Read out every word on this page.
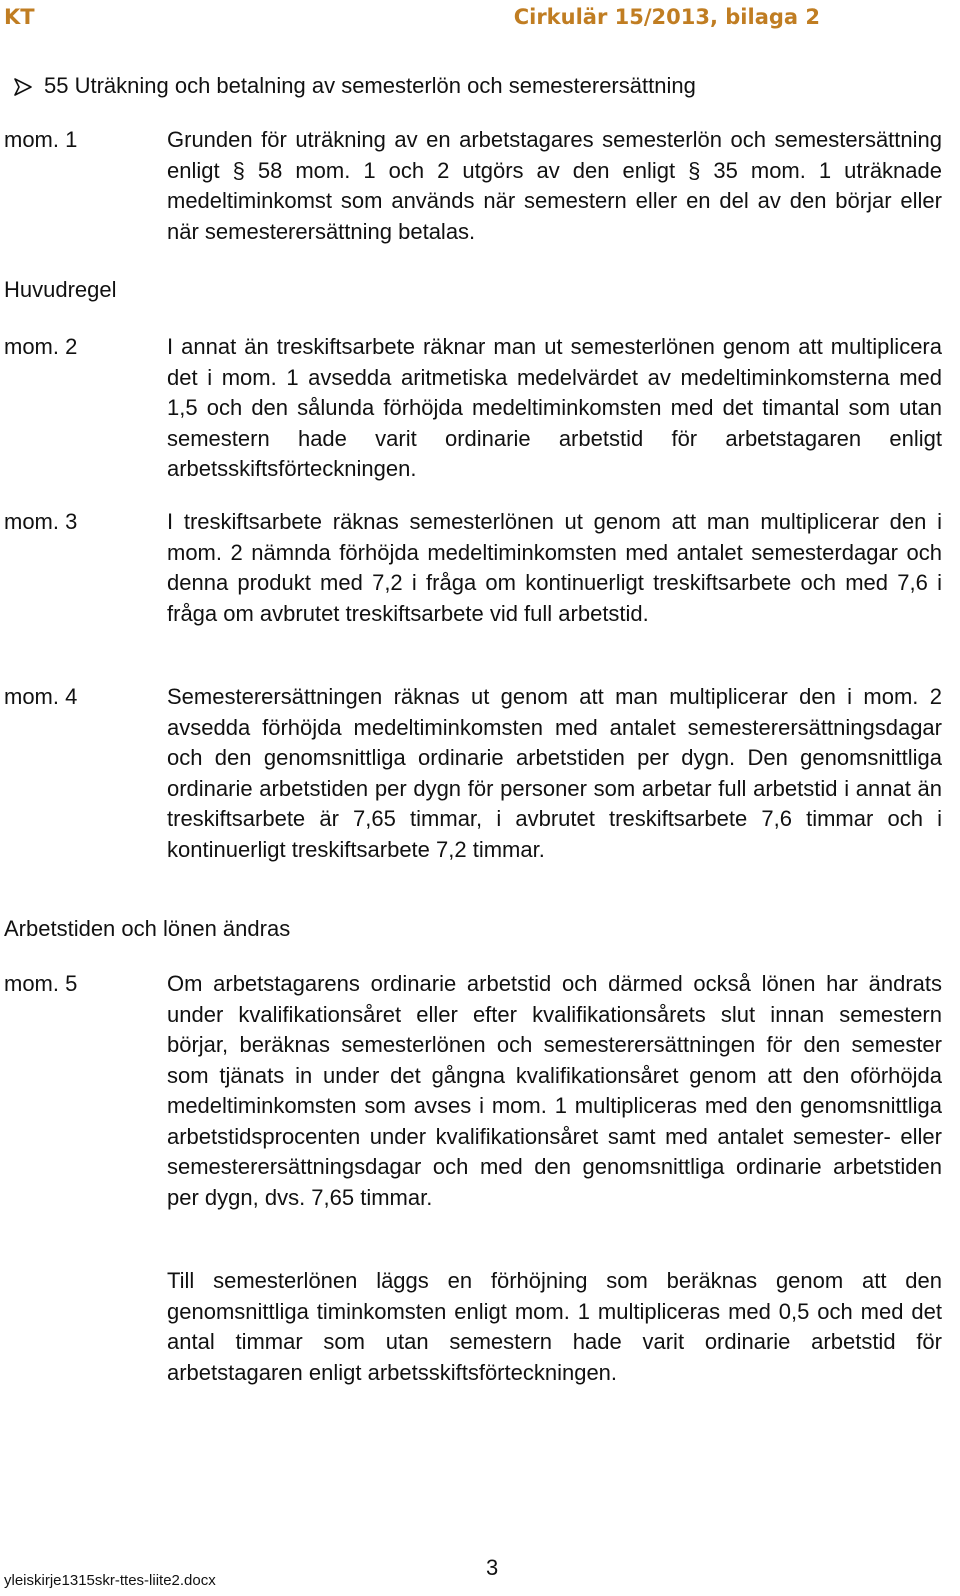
KT	Cirkulär 15/2013, bilaga 2
55 Uträkning och betalning av semesterlön och semesterersättning
mom. 1	Grunden för uträkning av en arbetstagares semesterlön och semestersättning enligt § 58 mom. 1 och 2 utgörs av den enligt § 35 mom. 1 uträknade medeltiminkomst som används när semestern eller en del av den börjar eller när semesterersättning betalas.
Huvudregel
mom. 2	I annat än treskiftsarbete räknar man ut semesterlönen genom att multiplicera det i mom. 1 avsedda aritmetiska medelvärdet av medeltiminkomsterna med 1,5 och den sålunda förhöjda medeltiminkomsten med det timantal som utan semestern hade varit ordinarie arbetstid för arbetstagaren enligt arbetsskiftsförteckningen.
mom. 3	I treskiftsarbete räknas semesterlönen ut genom att man multiplicerar den i mom. 2 nämnda förhöjda medeltiminkomsten med antalet semesterdagar och denna produkt med 7,2 i fråga om kontinuerligt treskiftsarbete och med 7,6 i fråga om avbrutet treskiftsarbete vid full arbetstid.
mom. 4	Semesterersättningen räknas ut genom att man multiplicerar den i mom. 2 avsedda förhöjda medeltiminkomsten med antalet semesterersättningsdagar och den genomsnittliga ordinarie arbetstiden per dygn. Den genomsnittliga ordinarie arbetstiden per dygn för personer som arbetar full arbetstid i annat än treskiftsarbete är 7,65 timmar, i avbrutet treskiftsarbete 7,6 timmar och i kontinuerligt treskiftsarbete 7,2 timmar.
Arbetstiden och lönen ändras
mom. 5	Om arbetstagarens ordinarie arbetstid och därmed också lönen har ändrats under kvalifikationsåret eller efter kvalifikationsårets slut innan semestern börjar, beräknas semesterlönen och semesterersättningen för den semester som tjänats in under det gångna kvalifikationsåret genom att den oförhöjda medeltiminkomsten som avses i mom. 1 multipliceras med den genomsnittliga arbetstidsprocenten under kvalifikationsåret samt med antalet semester- eller semesterersättningsdagar och med den genomsnittliga ordinarie arbetstiden per dygn, dvs. 7,65 timmar.
Till semesterlönen läggs en förhöjning som beräknas genom att den genomsnittliga timinkomsten enligt mom. 1 multipliceras med 0,5 och med det antal timmar som utan semestern hade varit ordinarie arbetstid för arbetstagaren enligt arbetsskiftsförteckningen.
yleiskirje1315skr-ttes-liite2.docx
3
